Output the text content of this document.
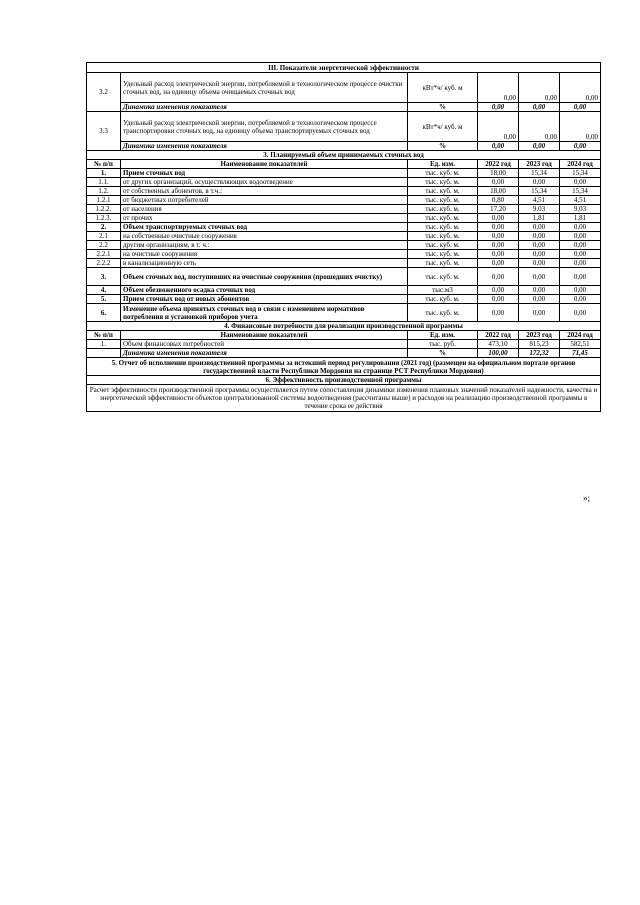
III. Показатели энергетической эффективности					
3.2	Удельный расход электрической энергии, потребляемой в технологическом процессе очистки сточных вод, на единицу объема очищаемых сточных вод	кВт*ч/ куб. м	0,00	0,00	0,00
	Динамика изменения показателя	%	0,00	0,00	0,00
3.3	Удельный расход электрической энергии, потребляемой в технологическом процессе транспортировки сточных вод, на единицу объема транспортируемых сточных вод	кВт*ч/ куб. м	0,00	0,00	0,00
	Динамика изменения показателя	%	0,00	0,00	0,00
3. Планируемый объем принимаемых сточных вод					
№ п/п	Наименование показателей	Ед. изм.	2022 год	2023 год	2024 год
1.	Прием сточных вод	тыс. куб. м.	18,00	15,34	15,34
1.1.	от других организаций, осуществляющих водоотведение	тыс. куб. м.	0,00	0,00	0,00
1.2.	от собственных абонентов, в т.ч.:	тыс. куб. м.	18,00	15,34	15,34
1.2.1	от бюджетных потребителей	тыс. куб. м.	0,80	4,51	4,51
1.2.2.	от населения	тыс. куб. м.	17,20	9,03	9,03
1.2.3.	от прочих	тыс. куб. м.	0,00	1,81	1,81
2.	Объем транспортируемых сточных вод	тыс. куб. м.	0,00	0,00	0,00
2.1	на собственные очистные сооружения	тыс. куб. м.	0,00	0,00	0,00
2.2	другим организациям, в т. ч.:	тыс. куб. м.	0,00	0,00	0,00
2.2.1	на очистные сооружения	тыс. куб. м.	0,00	0,00	0,00
2.2.2	в канализационную сеть	тыс. куб. м.	0,00	0,00	0,00
3.	Объем сточных вод, поступивших на очистные сооружения (прошедших очистку)	тыс. куб. м.	0,00	0,00	0,00
4.	Объем обезвоженного осадка сточных вод	тыс.м3	0,00	0,00	0,00
5.	Прием сточных вод от новых абонентов	тыс. куб. м.	0,00	0,00	0,00
6.	Изменение объема принятых сточных вод в связи с изменением нормативов потребления и установкой приборов учета	тыс. куб. м.	0,00	0,00	0,00
4. Финансовые потребности для реализации производственной программы					
№ п/п	Наименование показателей	Ед. изм.	2022 год	2023 год	2024 год
1.	Объем финансовых потребностей	тыс. руб.	473,10	815,23	582,51
	Динамика изменения показателя	%	100,00	172,32	71,45
5. Отчет об исполнении производственной программы за истекший период регулирования (2021 год) (размещен на официальном портале органов государственной власти Республики Мордовия на странице РСТ Республики Мордовия)					
6. Эффективность производственной программы					
Расчет эффективности производственной программы осуществляется путем сопоставления динамики изменения плановых значений показателей надежности, качества и энергетической эффективности объектов централизованной системы водоотведения (рассчитаны выше) и расходов на реализацию производственной программы в течение срока ее действия					
»;
